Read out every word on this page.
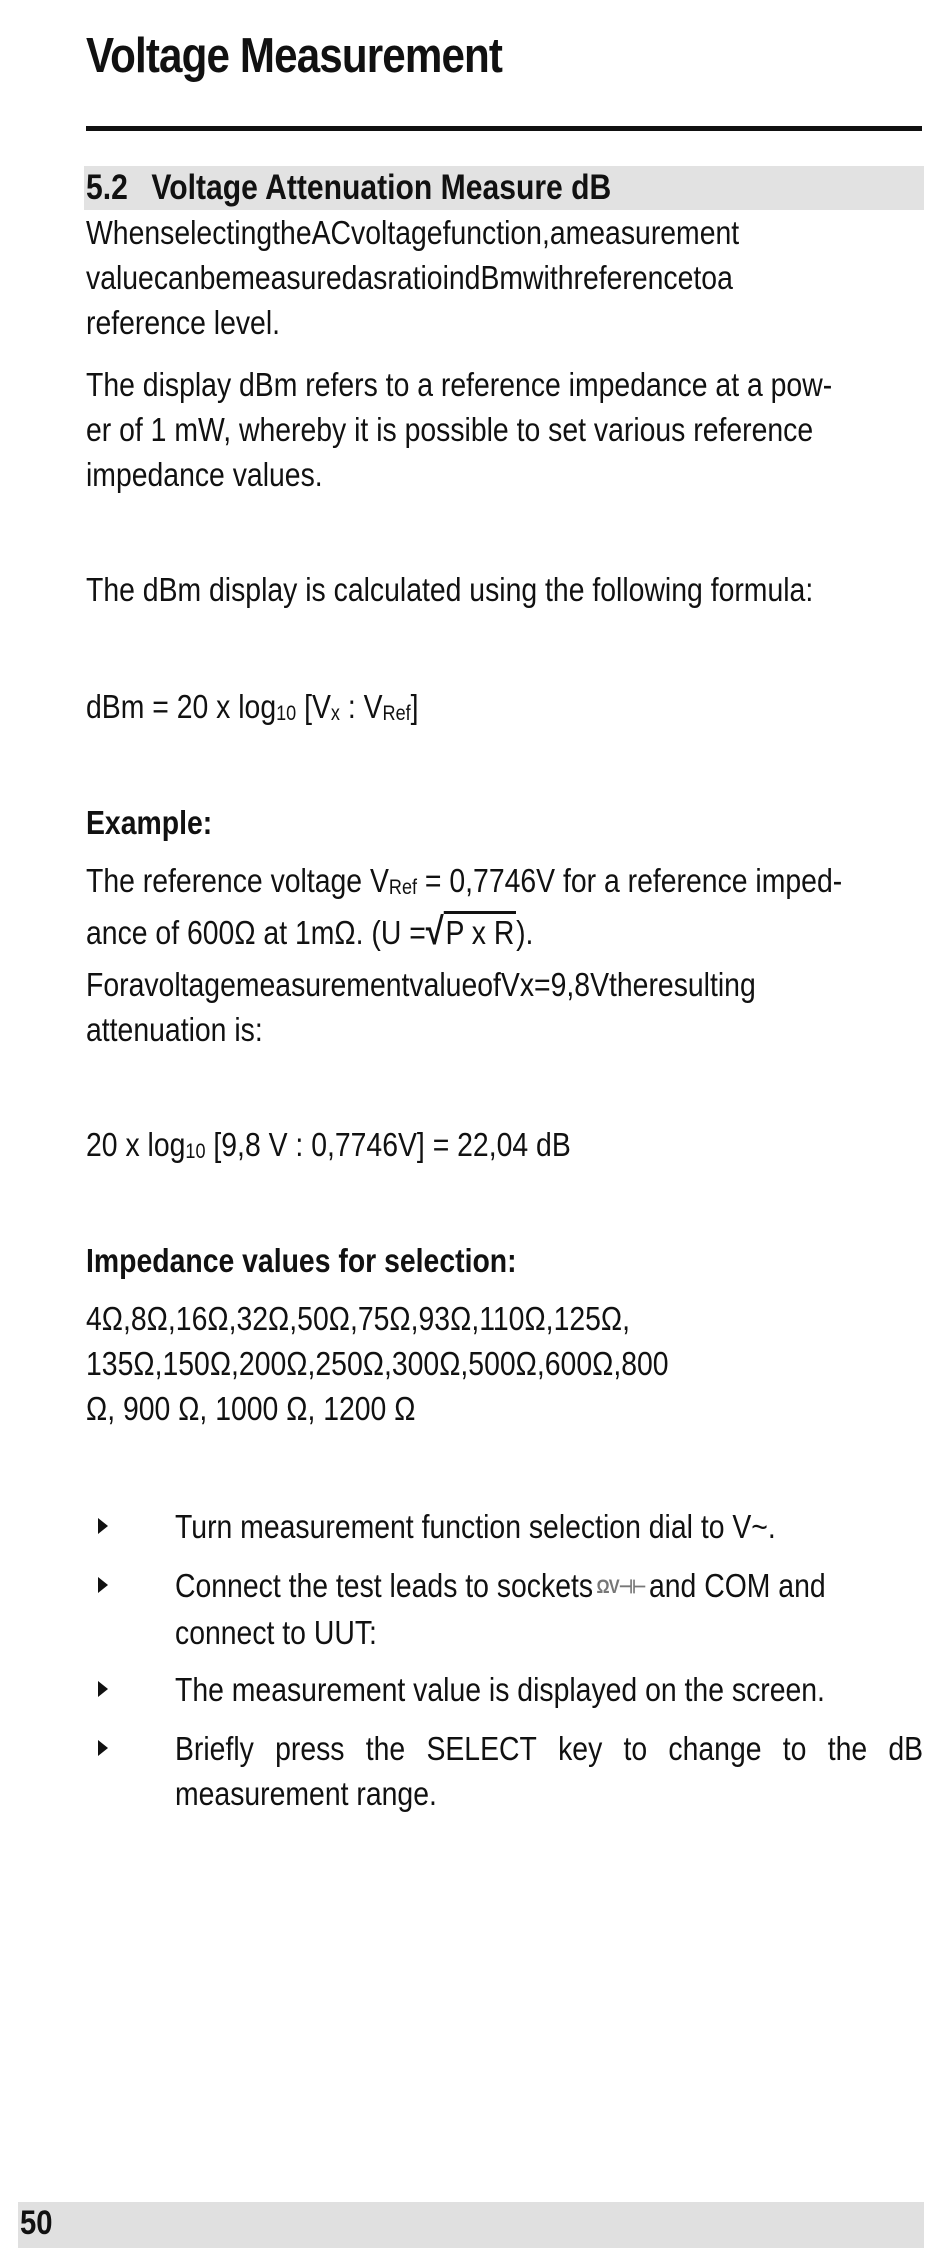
Voltage Measurement
5.2 Voltage Attenuation Measure dB
WhenselectingtheACvoltagefunction,ameasurement
valuecanbemeasuredasratioindBmwithreferencetoa
reference level.
The display dBm refers to a reference impedance at a pow-
er of 1 mW, whereby it is possible to set various reference
impedance values.
The dBm display is calculated using the following formula:
dBm = 20 x log10 [Vx : VRef]
Example:
The reference voltage VRef = 0,7746V for a reference imped-
ance of 600Ω at 1mΩ. (U =√P x R).
ForavoltagemeasurementvalueofVx=9,8Vtheresulting
attenuation is:
20 x log10 [9,8 V : 0,7746V] = 22,04 dB
Impedance values for selection:
4Ω,8Ω,16Ω,32Ω,50Ω,75Ω,93Ω,110Ω,125Ω,
135Ω,150Ω,200Ω,250Ω,300Ω,500Ω,600Ω,800
Ω, 900 Ω, 1000 Ω, 1200 Ω
Turn measurement function selection dial to V~.
Connect the test leads to sockets ΩV⊣⊢ and COM and
connect to UUT:
The measurement value is displayed on the screen.
Briefly press the SELECT key to change to the dB
measurement range.
50
